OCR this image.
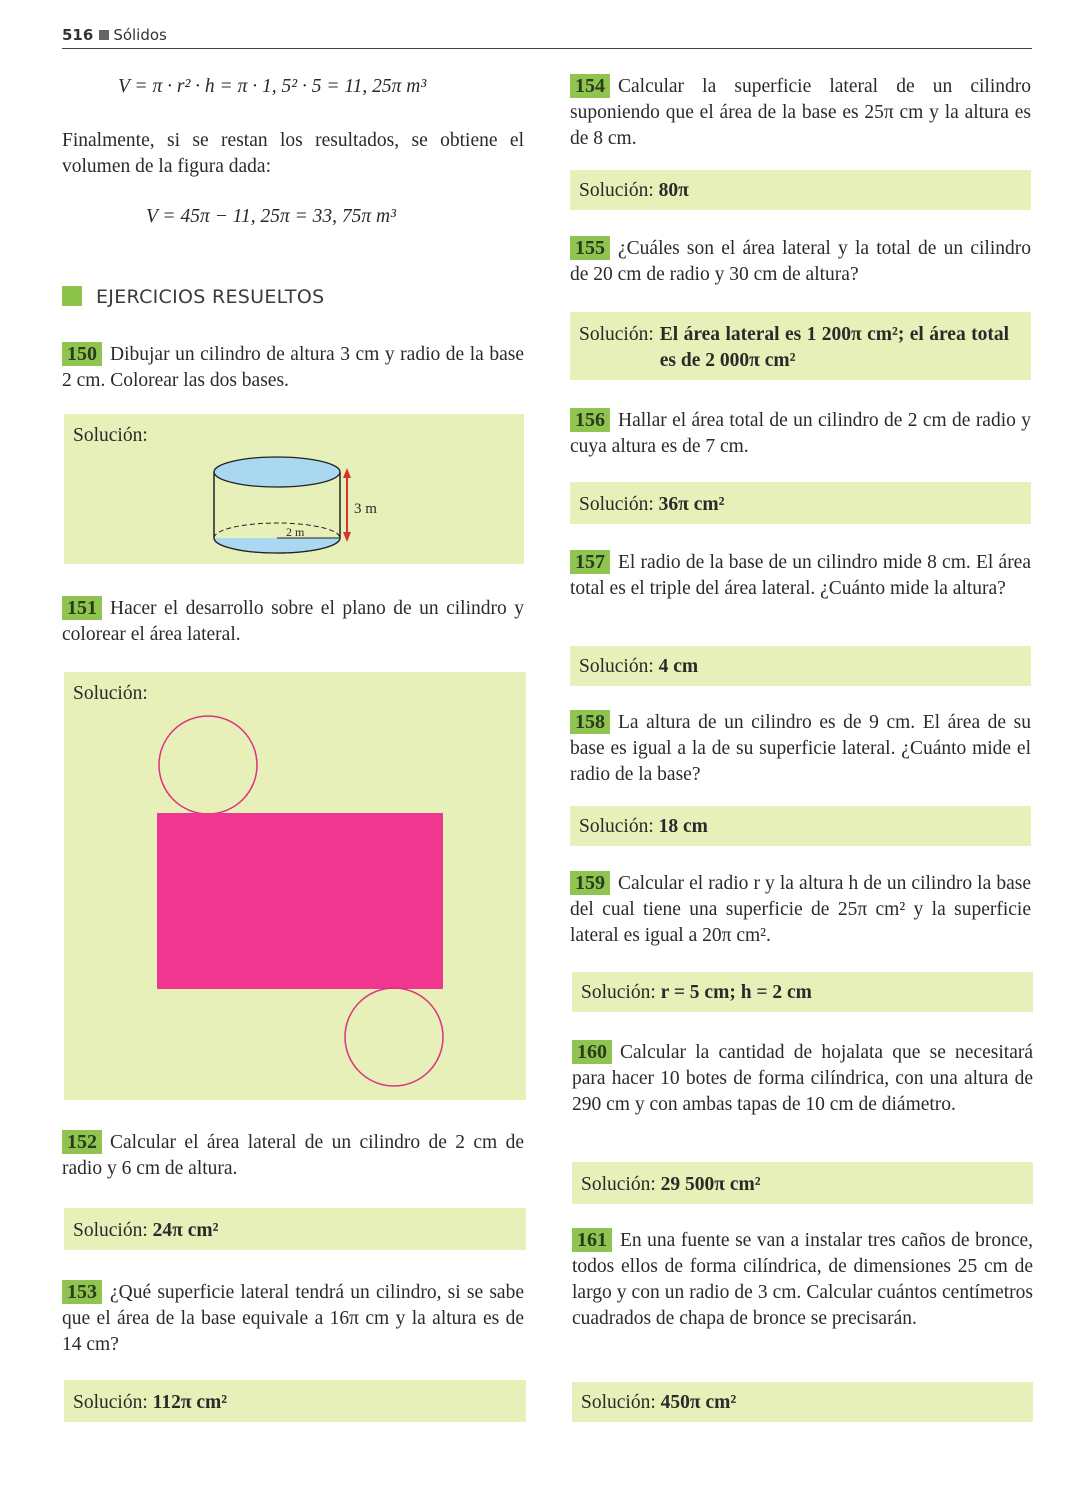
516 Sólidos
V = π · r² · h = π · 1, 5² · 5 = 11, 25π m³

Finalmente, si se restan los resultados, se obtiene el volumen de la figura dada:

V = 45π − 11, 25π = 33, 75π m³
EJERCICIOS RESUELTOS
150 Dibujar un cilindro de altura 3 cm y radio de la base 2 cm. Colorear las dos bases.
Solución:
3 m
2 m
151 Hacer el desarrollo sobre el plano de un cilindro y colorear el área lateral.
Solución:
152 Calcular el área lateral de un cilindro de 2 cm de radio y 6 cm de altura.
Solución: 24π cm²
153 ¿Qué superficie lateral tendrá un cilindro, si se sabe que el área de la base equivale a 16π cm y la altura es de 14 cm?
Solución: 112π cm²
154 Calcular la superficie lateral de un cilindro suponiendo que el área de la base es 25π cm y la altura es de 8 cm.
Solución: 80π
155 ¿Cuáles son el área lateral y la total de un cilindro de 20 cm de radio y 30 cm de altura?
Solución: El área lateral es 1 200π cm²; el área total es de 2 000π cm²
156 Hallar el área total de un cilindro de 2 cm de radio y cuya altura es de 7 cm.
Solución: 36π cm²
157 El radio de la base de un cilindro mide 8 cm. El área total es el triple del área lateral. ¿Cuánto mide la altura?
Solución: 4 cm
158 La altura de un cilindro es de 9 cm. El área de su base es igual a la de su superficie lateral. ¿Cuánto mide el radio de la base?
Solución: 18 cm
159 Calcular el radio r y la altura h de un cilindro la base del cual tiene una superficie de 25π cm² y la superficie lateral es igual a 20π cm².
Solución: r = 5 cm; h = 2 cm
160 Calcular la cantidad de hojalata que se necesitará para hacer 10 botes de forma cilíndrica, con una altura de 290 cm y con ambas tapas de 10 cm de diámetro.
Solución: 29 500π cm²
161 En una fuente se van a instalar tres caños de bronce, todos ellos de forma cilíndrica, de dimensiones 25 cm de largo y con un radio de 3 cm. Calcular cuántos centímetros cuadrados de chapa de bronce se precisarán.
Solución: 450π cm²
